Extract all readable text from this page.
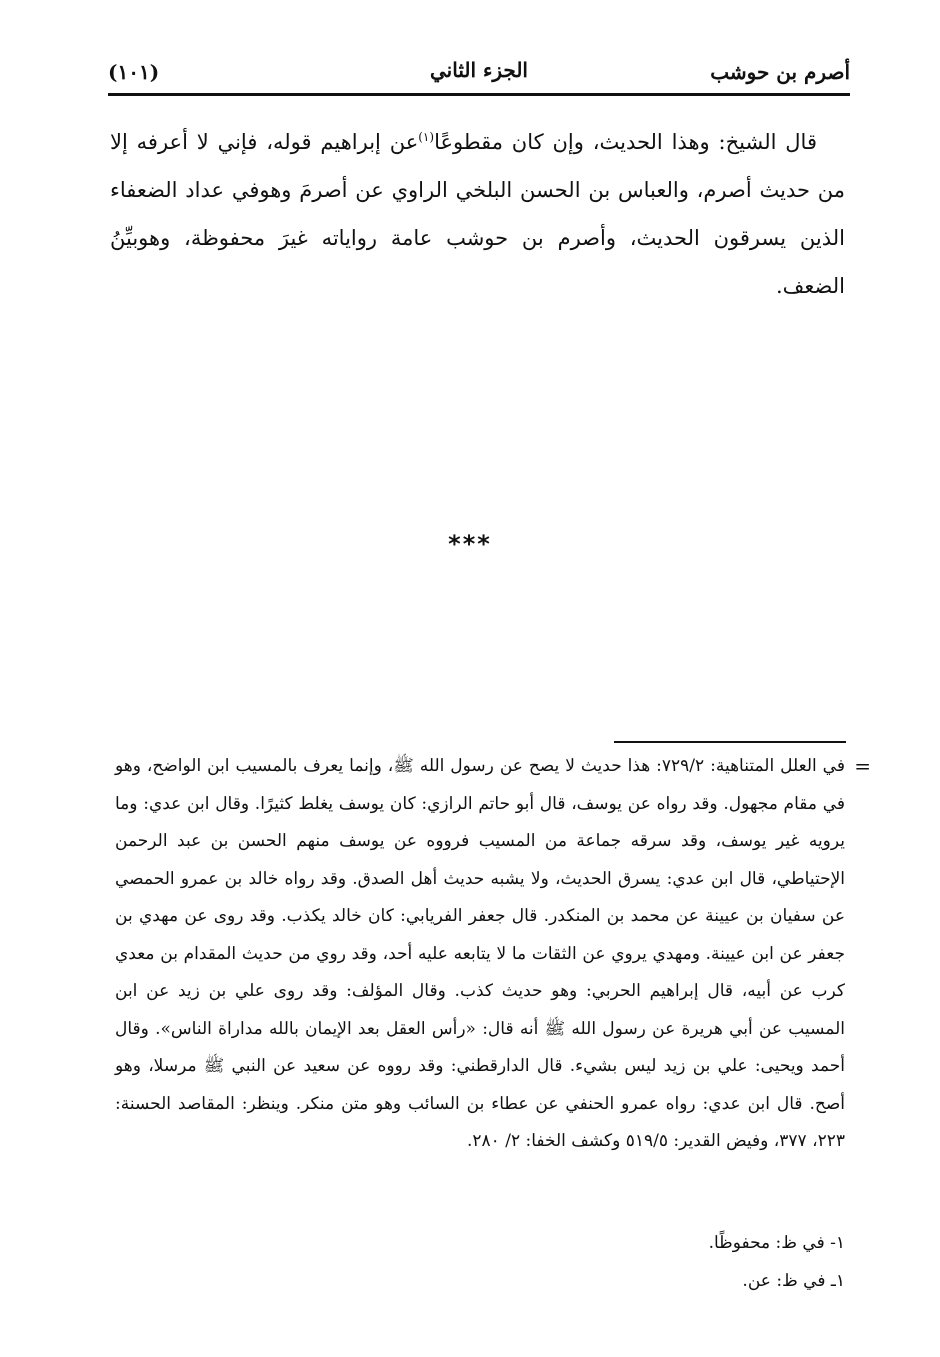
أصرم بن حوشب
الجزء الثاني
(١٠١)

قال الشيخ: وهذا الحديث، وإن كان مقطوعًا$^{(١)}$عن إبراهيم قوله، فإني لا أعرفه إلا من حديث أصرم، والعباس بن الحسن البلخي الراوي عن أصرمَ وهوفي عداد الضعفاء الذين يسرقون الحديث، وأصرم بن حوشب عامة رواياته غيرَ محفوظة، وهوبيِّنُ الضعف.

***
=

في العلل المتناهية: ٧٢٩/٢: هذا حديث لا يصح عن رسول الله ﷺ، وإنما يعرف بالمسيب ابن الواضح، وهو في مقام مجهول. وقد رواه عن يوسف، قال أبو حاتم الرازي: كان يوسف يغلط كثيرًا. وقال ابن عدي: وما يرويه غير يوسف، وقد سرقه جماعة من المسيب فرووه عن يوسف منهم الحسن بن عبد الرحمن الإحتياطي، قال ابن عدي: يسرق الحديث، ولا يشبه حديث أهل الصدق. وقد رواه خالد بن عمرو الحمصي عن سفيان بن عيينة عن محمد بن المنكدر. قال جعفر الفريابي: كان خالد يكذب. وقد روى عن مهدي بن جعفر عن ابن عيينة. ومهدي يروي عن الثقات ما لا يتابعه عليه أحد، وقد روي من حديث المقدام بن معدي كرب عن أبيه، قال إبراهيم الحربي: وهو حديث كذب. وقال المؤلف: وقد روى علي بن زيد عن ابن المسيب عن أبي هريرة عن رسول الله ﷺ أنه قال: «رأس العقل بعد الإيمان بالله مداراة الناس». وقال أحمد ويحيى: علي بن زيد ليس بشيء. قال الدارقطني: وقد رووه عن سعيد عن النبي ﷺ مرسلا، وهو أصح. قال ابن عدي: رواه عمرو الحنفي عن عطاء بن السائب وهو متن منكر. وينظر: المقاصد الحسنة: ٢٢٣، ٣٧٧، وفيض القدير: ٥١٩/٥ وكشف الخفا: ٢/ ٢٨٠.

١- في ظ: محفوظًا.
١ـ في ظ: عن.
